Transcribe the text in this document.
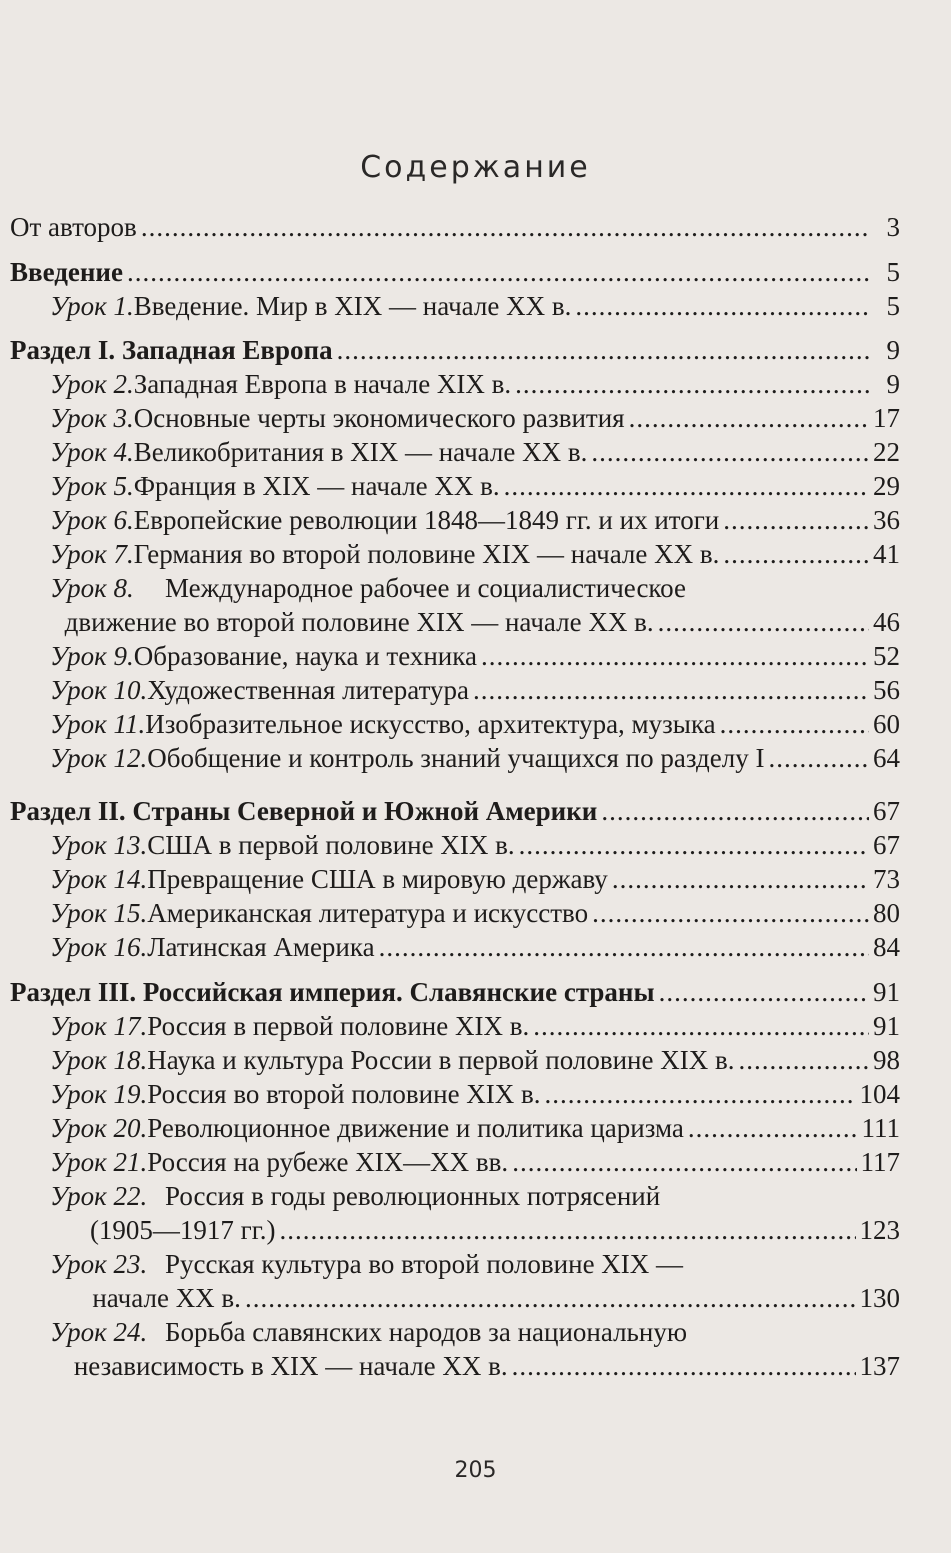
Содержание
От авторов .....	3
Введение .....	5
Урок 1. Введение. Мир в XIX — начале XX в. .....	5
Раздел I. Западная Европа .....	9
Урок 2. Западная Европа в начале XIX в. .....	9
Урок 3. Основные черты экономического развития .....	17
Урок 4. Великобритания в XIX — начале XX в. .....	22
Урок 5. Франция в XIX — начале XX в. .....	29
Урок 6. Европейские революции 1848—1849 гг. и их итоги .....	36
Урок 7. Германия во второй половине XIX — начале XX в. .....	41
Урок 8.	Международное рабочее и социалистическое
движение во второй половине XIX — начале XX в. .....	46
Урок 9. Образование, наука и техника .....	52
Урок 10. Художественная литература .....	56
Урок 11. Изобразительное искусство, архитектура, музыка .....	60
Урок 12. Обобщение и контроль знаний учащихся по разделу I .....	64
Раздел II. Страны Северной и Южной Америки .....	67
Урок 13. США в первой половине XIX в. .....	67
Урок 14. Превращение США в мировую державу .....	73
Урок 15. Американская литература и искусство .....	80
Урок 16. Латинская Америка .....	84
Раздел III. Российская империя. Славянские страны .....	91
Урок 17. Россия в первой половине XIX в. .....	91
Урок 18. Наука и культура России в первой половине XIX в. .....	98
Урок 19. Россия во второй половине XIX в. .....	104
Урок 20. Революционное движение и политика царизма .....	111
Урок 21. Россия на рубеже XIX—XX вв. .....	117
Урок 22. Россия в годы революционных потрясений
(1905—1917 гг.) .....	123
Урок 23. Русская культура во второй половине XIX —
начале XX в. .....	130
Урок 24. Борьба славянских народов за национальную
независимость в XIX — начале XX в. .....	137
205
